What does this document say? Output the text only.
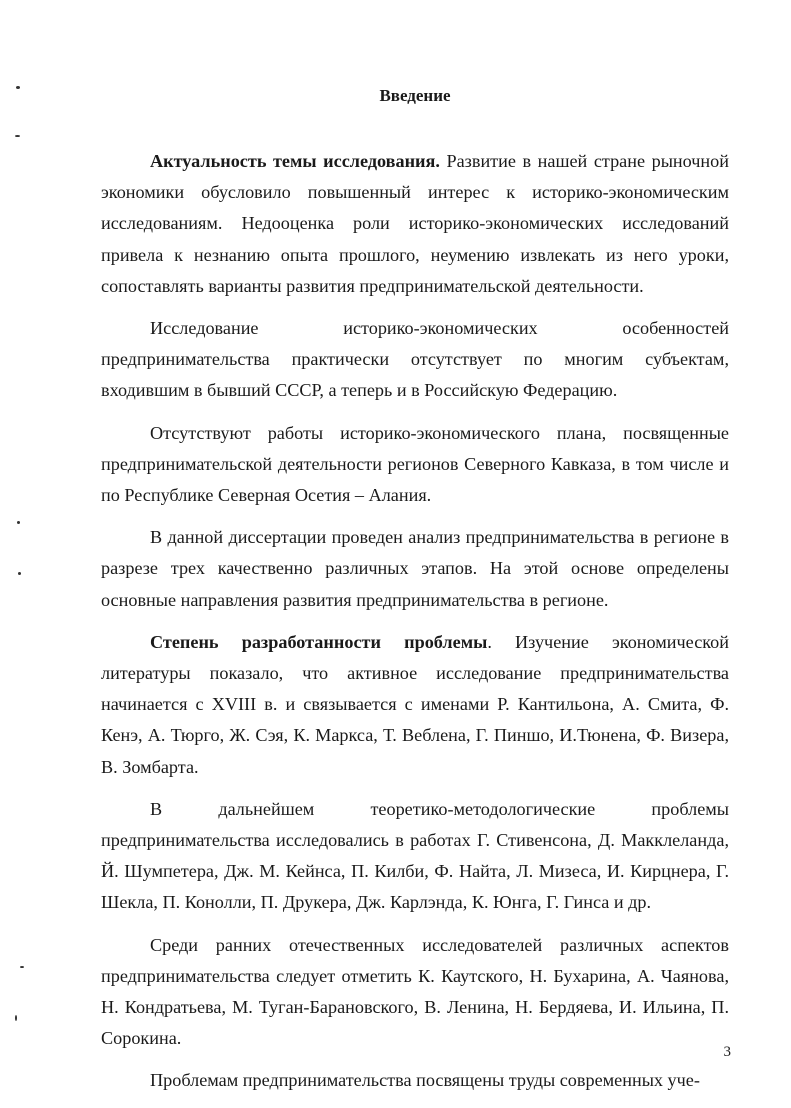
Введение

Актуальность темы исследования. Развитие в нашей стране рыночной экономики обусловило повышенный интерес к историко-экономическим исследованиям. Недооценка роли историко-экономических исследований привела к незнанию опыта прошлого, неумению извлекать из него уроки, сопоставлять варианты развития предпринимательской деятельности.

Исследование историко-экономических особенностей предпринимательства практически отсутствует по многим субъектам, входившим в бывший СССР, а теперь и в Российскую Федерацию.

Отсутствуют работы историко-экономического плана, посвященные предпринимательской деятельности регионов Северного Кавказа, в том числе и по Республике Северная Осетия – Алания.

В данной диссертации проведен анализ предпринимательства в регионе в разрезе трех качественно различных этапов. На этой основе определены основные направления развития предпринимательства в регионе.

Степень разработанности проблемы. Изучение экономической литературы показало, что активное исследование предпринимательства начинается с XVIII в. и связывается с именами Р. Кантильона, А. Смита, Ф. Кенэ, А. Тюрго, Ж. Сэя, К. Маркса, Т. Веблена, Г. Пиншо, И.Тюнена, Ф. Визера, В. Зомбарта.

В дальнейшем теоретико-методологические проблемы предпринимательства исследовались в работах Г. Стивенсона, Д. Макклеланда, Й. Шумпетера, Дж. М. Кейнса, П. Килби, Ф. Найта, Л. Мизеса, И. Кирцнера, Г. Шекла, П. Конолли, П. Друкера, Дж. Карлэнда, К. Юнга, Г. Гинса и др.

Среди ранних отечественных исследователей различных аспектов предпринимательства следует отметить К. Каутского, Н. Бухарина, А. Чаянова, Н. Кондратьева, М. Туган-Барановского, В. Ленина, Н. Бердяева, И. Ильина, П. Сорокина.

Проблемам предпринимательства посвящены труды современных уче-

3
